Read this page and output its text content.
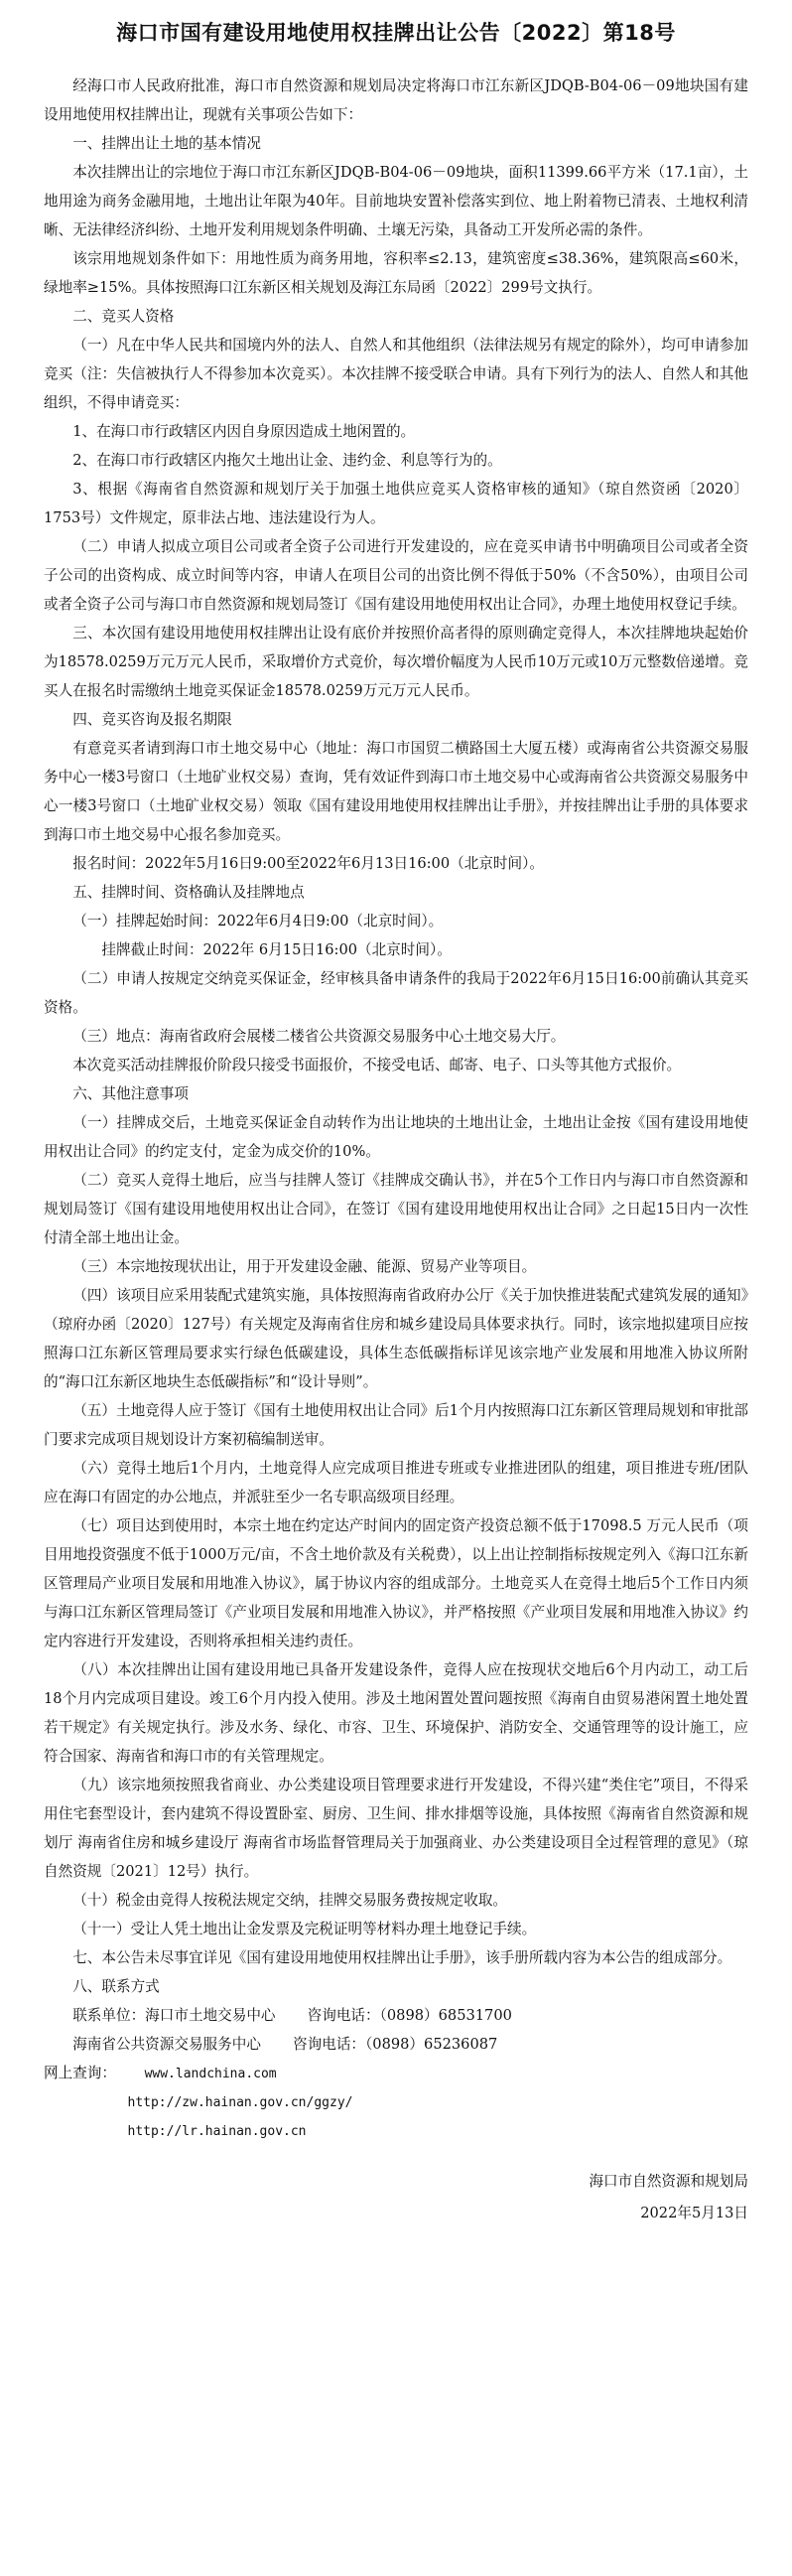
海口市国有建设用地使用权挂牌出让公告〔2022〕第18号

经海口市人民政府批准，海口市自然资源和规划局决定将海口市江东新区JDQB-B04-06－09地块国有建设用地使用权挂牌出让，现就有关事项公告如下：

一、挂牌出让土地的基本情况

本次挂牌出让的宗地位于海口市江东新区JDQB-B04-06－09地块，面积11399.66平方米（17.1亩），土地用途为商务金融用地，土地出让年限为40年。目前地块安置补偿落实到位、地上附着物已清表、土地权利清晰、无法律经济纠纷、土地开发利用规划条件明确、土壤无污染，具备动工开发所必需的条件。

该宗用地规划条件如下：用地性质为商务用地，容积率≤2.13，建筑密度≤38.36%，建筑限高≤60米，绿地率≥15%。具体按照海口江东新区相关规划及海江东局函〔2022〕299号文执行。

二、竞买人资格

（一）凡在中华人民共和国境内外的法人、自然人和其他组织（法律法规另有规定的除外），均可申请参加竞买（注：失信被执行人不得参加本次竞买）。本次挂牌不接受联合申请。具有下列行为的法人、自然人和其他组织，不得申请竞买：

1、在海口市行政辖区内因自身原因造成土地闲置的。

2、在海口市行政辖区内拖欠土地出让金、违约金、利息等行为的。

3、根据《海南省自然资源和规划厅关于加强土地供应竞买人资格审核的通知》（琼自然资函〔2020〕1753号）文件规定，原非法占地、违法建设行为人。

（二）申请人拟成立项目公司或者全资子公司进行开发建设的，应在竞买申请书中明确项目公司或者全资子公司的出资构成、成立时间等内容，申请人在项目公司的出资比例不得低于50%（不含50%），由项目公司或者全资子公司与海口市自然资源和规划局签订《国有建设用地使用权出让合同》，办理土地使用权登记手续。

三、本次国有建设用地使用权挂牌出让设有底价并按照价高者得的原则确定竞得人，本次挂牌地块起始价为18578.0259万元万元人民币，采取增价方式竞价，每次增价幅度为人民币10万元或10万元整数倍递增。竞买人在报名时需缴纳土地竞买保证金18578.0259万元万元人民币。

四、竞买咨询及报名期限

有意竞买者请到海口市土地交易中心（地址：海口市国贸二横路国土大厦五楼）或海南省公共资源交易服务中心一楼3号窗口（土地矿业权交易）查询，凭有效证件到海口市土地交易中心或海南省公共资源交易服务中心一楼3号窗口（土地矿业权交易）领取《国有建设用地使用权挂牌出让手册》，并按挂牌出让手册的具体要求到海口市土地交易中心报名参加竞买。

报名时间：2022年5月16日9:00至2022年6月13日16:00（北京时间）。

五、挂牌时间、资格确认及挂牌地点

（一）挂牌起始时间：2022年6月4日9:00（北京时间）。

挂牌截止时间：2022年 6月15日16:00（北京时间）。

（二）申请人按规定交纳竞买保证金，经审核具备申请条件的我局于2022年6月15日16:00前确认其竞买资格。

（三）地点：海南省政府会展楼二楼省公共资源交易服务中心土地交易大厅。

本次竞买活动挂牌报价阶段只接受书面报价，不接受电话、邮寄、电子、口头等其他方式报价。

六、其他注意事项

（一）挂牌成交后，土地竞买保证金自动转作为出让地块的土地出让金，土地出让金按《国有建设用地使用权出让合同》的约定支付，定金为成交价的10%。

（二）竞买人竞得土地后，应当与挂牌人签订《挂牌成交确认书》，并在5个工作日内与海口市自然资源和规划局签订《国有建设用地使用权出让合同》，在签订《国有建设用地使用权出让合同》之日起15日内一次性付清全部土地出让金。

（三）本宗地按现状出让，用于开发建设金融、能源、贸易产业等项目。

（四）该项目应采用装配式建筑实施，具体按照海南省政府办公厅《关于加快推进装配式建筑发展的通知》（琼府办函〔2020〕127号）有关规定及海南省住房和城乡建设局具体要求执行。同时，该宗地拟建项目应按照海口江东新区管理局要求实行绿色低碳建设，具体生态低碳指标详见该宗地产业发展和用地准入协议所附的“海口江东新区地块生态低碳指标”和“设计导则”。

（五）土地竞得人应于签订《国有土地使用权出让合同》后1个月内按照海口江东新区管理局规划和审批部门要求完成项目规划设计方案初稿编制送审。

（六）竞得土地后1个月内，土地竞得人应完成项目推进专班或专业推进团队的组建，项目推进专班/团队应在海口有固定的办公地点，并派驻至少一名专职高级项目经理。

（七）项目达到使用时，本宗土地在约定达产时间内的固定资产投资总额不低于17098.5 万元人民币（项目用地投资强度不低于1000万元/亩，不含土地价款及有关税费），以上出让控制指标按规定列入《海口江东新区管理局产业项目发展和用地准入协议》，属于协议内容的组成部分。土地竞买人在竞得土地后5个工作日内须与海口江东新区管理局签订《产业项目发展和用地准入协议》，并严格按照《产业项目发展和用地准入协议》约定内容进行开发建设，否则将承担相关违约责任。

（八）本次挂牌出让国有建设用地已具备开发建设条件，竞得人应在按现状交地后6个月内动工，动工后18个月内完成项目建设。竣工6个月内投入使用。涉及土地闲置处置问题按照《海南自由贸易港闲置土地处置若干规定》有关规定执行。涉及水务、绿化、市容、卫生、环境保护、消防安全、交通管理等的设计施工，应符合国家、海南省和海口市的有关管理规定。

（九）该宗地须按照我省商业、办公类建设项目管理要求进行开发建设，不得兴建“类住宅”项目，不得采用住宅套型设计，套内建筑不得设置卧室、厨房、卫生间、排水排烟等设施，具体按照《海南省自然资源和规划厅 海南省住房和城乡建设厅 海南省市场监督管理局关于加强商业、办公类建设项目全过程管理的意见》（琼自然资规〔2021〕12号）执行。

（十）税金由竞得人按税法规定交纳，挂牌交易服务费按规定收取。

（十一）受让人凭土地出让金发票及完税证明等材料办理土地登记手续。

七、本公告未尽事宜详见《国有建设用地使用权挂牌出让手册》，该手册所载内容为本公告的组成部分。

八、联系方式

联系单位：海口市土地交易中心 咨询电话：（0898）68531700

海南省公共资源交易服务中心 咨询电话：（0898）65236087

网上查询： www.landchina.com

http://zw.hainan.gov.cn/ggzy/

http://lr.hainan.gov.cn

海口市自然资源和规划局
2022年5月13日
